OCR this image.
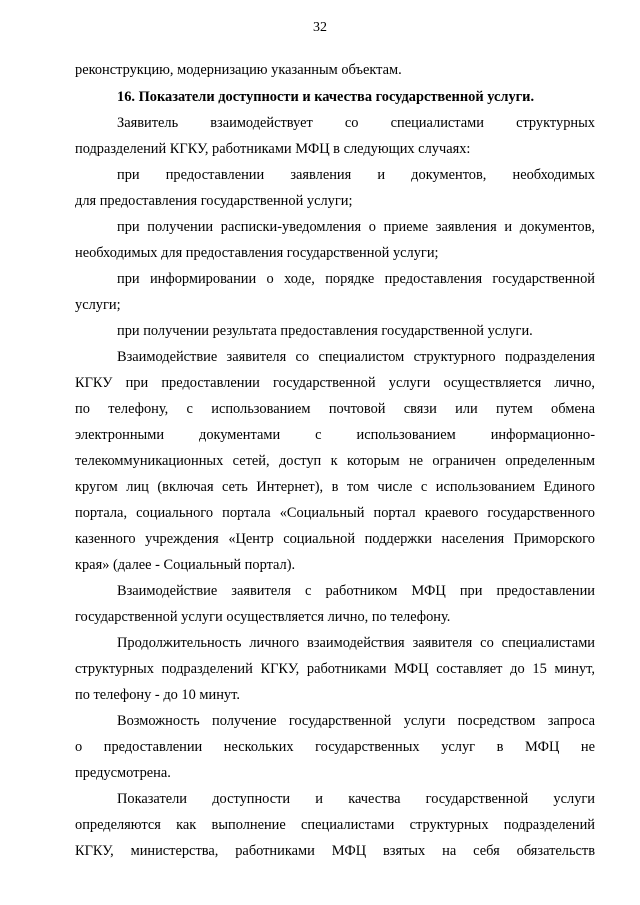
32
реконструкцию, модернизацию указанным объектам.
16. Показатели доступности и качества государственной услуги.
Заявитель взаимодействует со специалистами структурных
подразделений КГКУ, работниками МФЦ в следующих случаях:
при предоставлении заявления и документов, необходимых
для предоставления государственной услуги;
при получении расписки-уведомления о приеме заявления и документов,
необходимых для предоставления государственной услуги;
при информировании о ходе, порядке предоставления государственной
услуги;
при получении результата предоставления государственной услуги.
Взаимодействие заявителя со специалистом структурного подразделения
КГКУ при предоставлении государственной услуги осуществляется лично,
по телефону, с использованием почтовой связи или путем обмена
электронными документами с использованием информационно-
телекоммуникационных сетей, доступ к которым не ограничен определенным
кругом лиц (включая сеть Интернет), в том числе с использованием Единого
портала, социального портала «Социальный портал краевого государственного
казенного учреждения «Центр социальной поддержки населения Приморского
края» (далее - Социальный портал).
Взаимодействие заявителя с работником МФЦ при предоставлении
государственной услуги осуществляется лично, по телефону.
Продолжительность личного взаимодействия заявителя со специалистами
структурных подразделений КГКУ, работниками МФЦ составляет до 15 минут,
по телефону - до 10 минут.
Возможность получение государственной услуги посредством запроса
о предоставлении нескольких государственных услуг в МФЦ не
предусмотрена.
Показатели доступности и качества государственной услуги
определяются как выполнение специалистами структурных подразделений
КГКУ, министерства, работниками МФЦ взятых на себя обязательств
